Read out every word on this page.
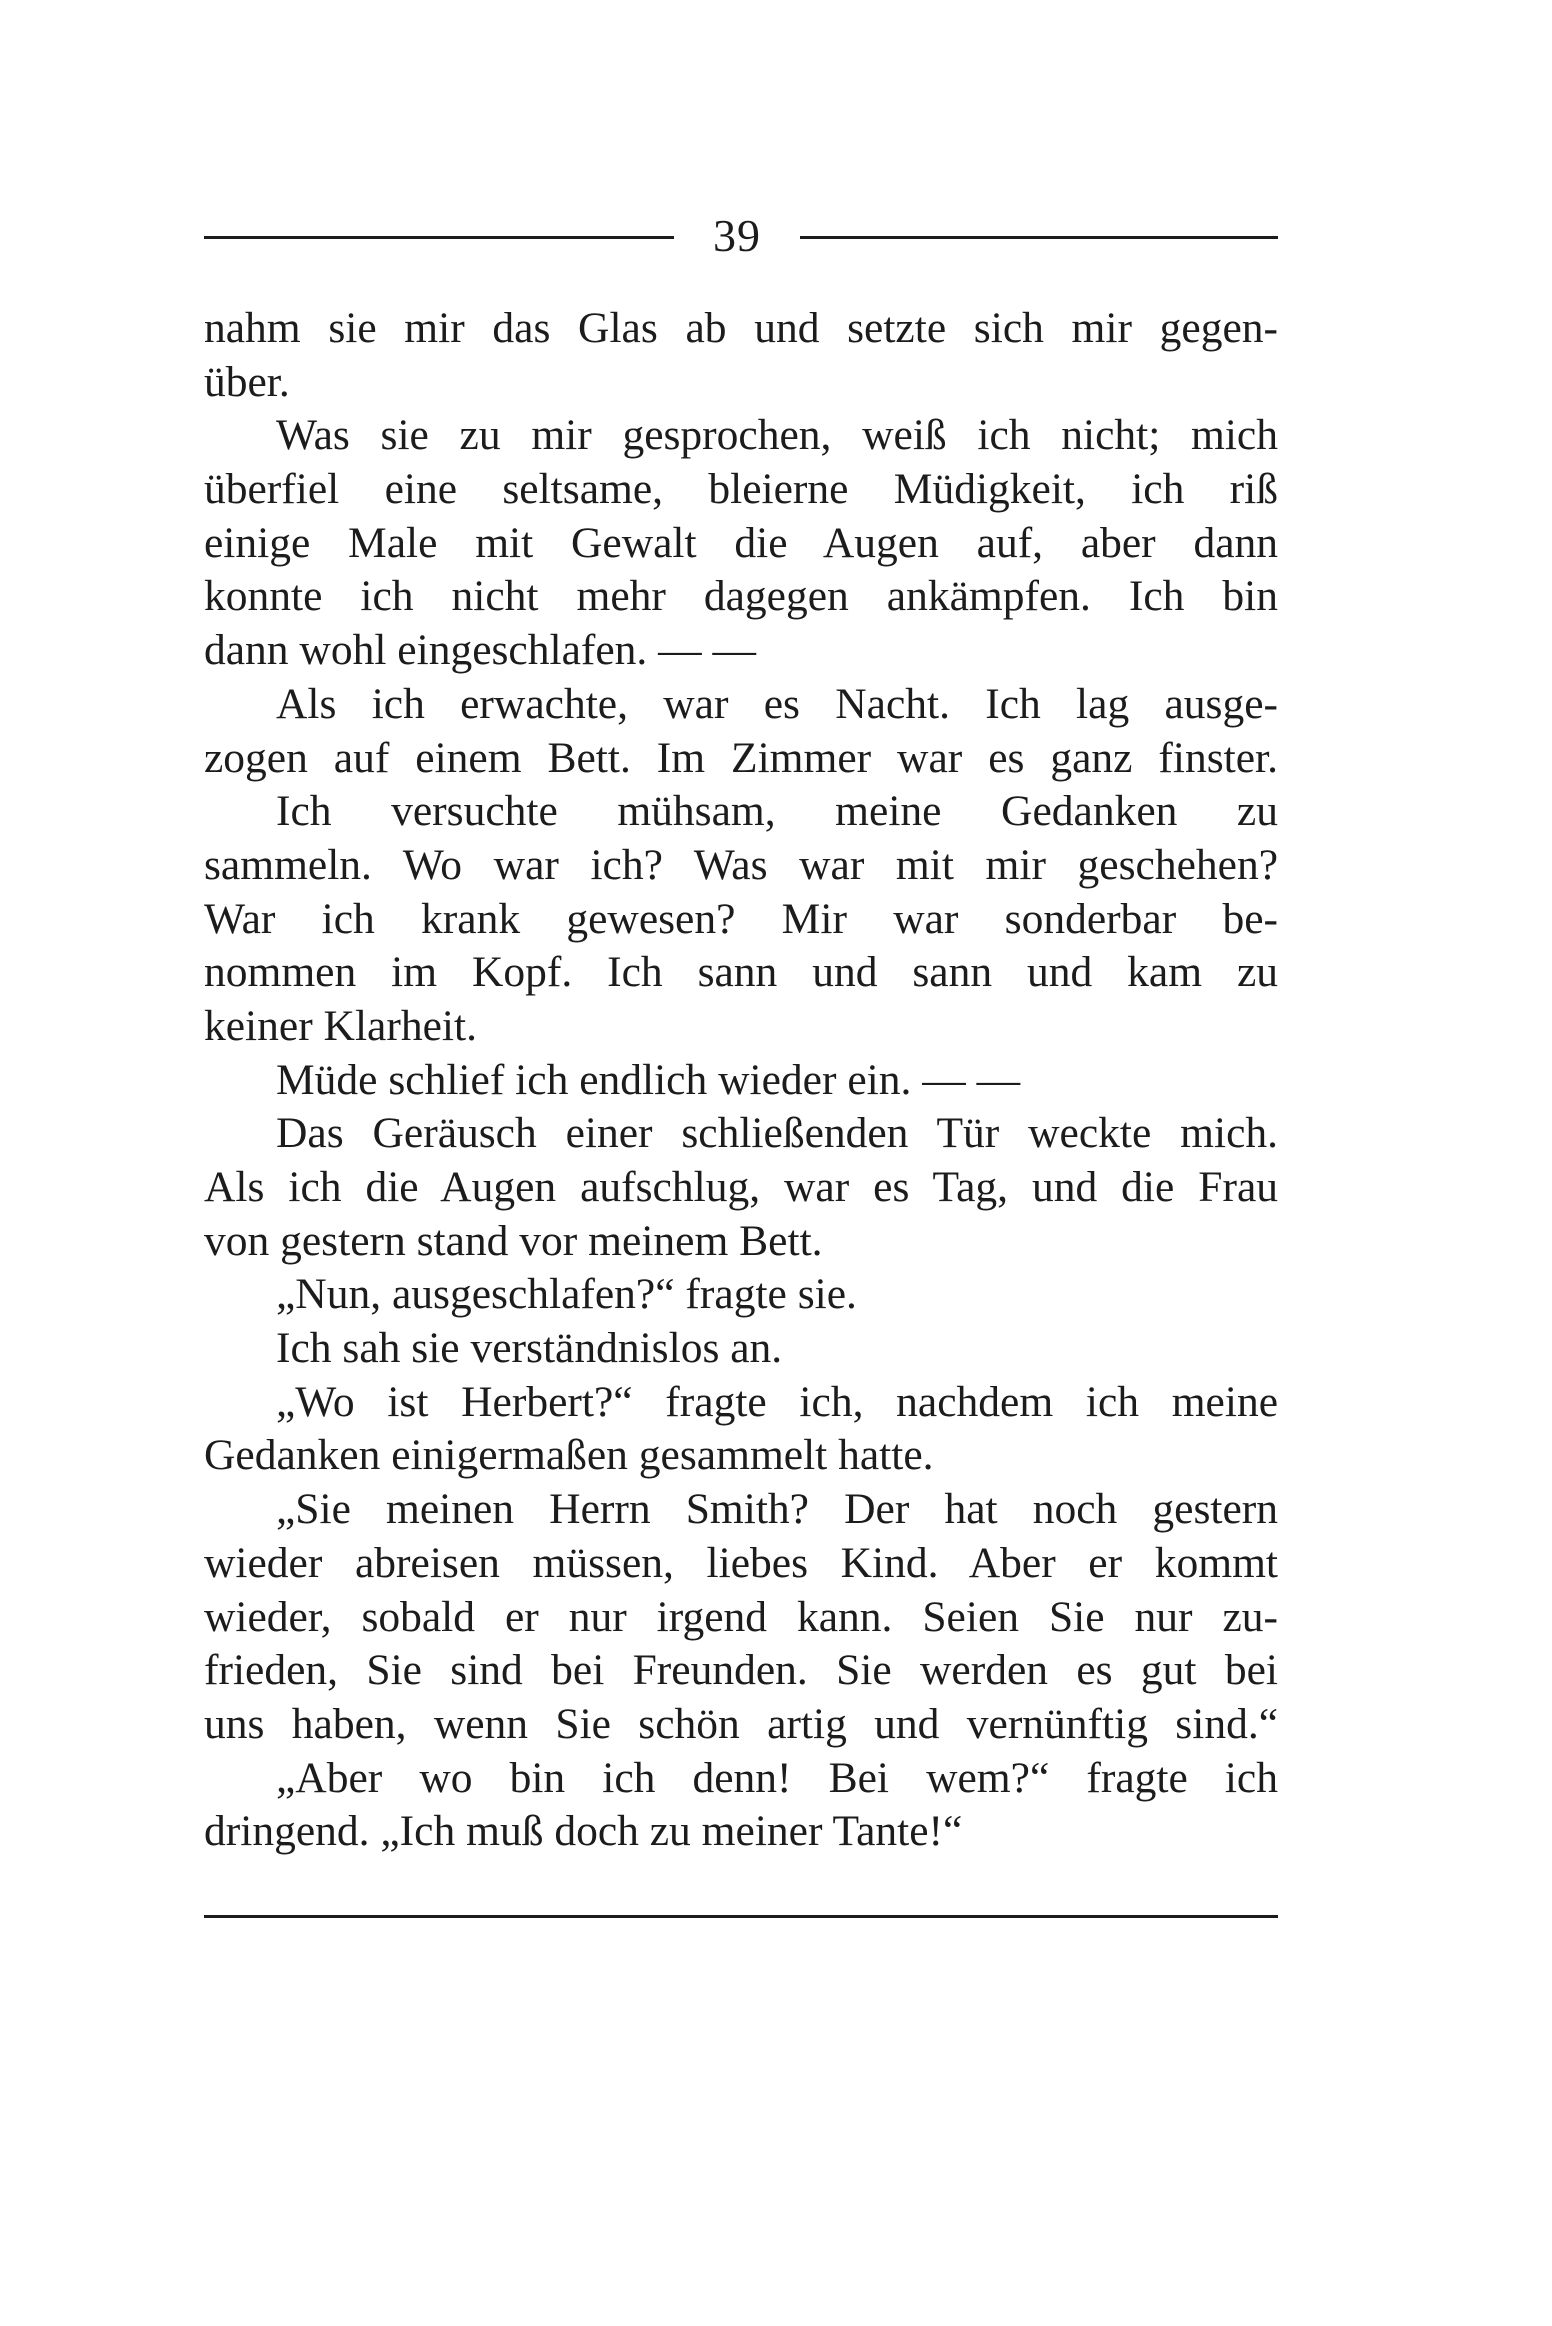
39
nahm sie mir das Glas ab und setzte sich mir gegen-
über.
Was sie zu mir gesprochen, weiß ich nicht; mich
überfiel eine seltsame, bleierne Müdigkeit, ich riß
einige Male mit Gewalt die Augen auf, aber dann
konnte ich nicht mehr dagegen ankämpfen. Ich bin
dann wohl eingeschlafen. — —
Als ich erwachte, war es Nacht. Ich lag ausge-
zogen auf einem Bett. Im Zimmer war es ganz finster.
Ich versuchte mühsam, meine Gedanken zu
sammeln. Wo war ich? Was war mit mir geschehen?
War ich krank gewesen? Mir war sonderbar be-
nommen im Kopf. Ich sann und sann und kam zu
keiner Klarheit.
Müde schlief ich endlich wieder ein. — —
Das Geräusch einer schließenden Tür weckte mich.
Als ich die Augen aufschlug, war es Tag, und die Frau
von gestern stand vor meinem Bett.
„Nun, ausgeschlafen?“ fragte sie.
Ich sah sie verständnislos an.
„Wo ist Herbert?“ fragte ich, nachdem ich meine
Gedanken einigermaßen gesammelt hatte.
„Sie meinen Herrn Smith? Der hat noch gestern
wieder abreisen müssen, liebes Kind. Aber er kommt
wieder, sobald er nur irgend kann. Seien Sie nur zu-
frieden, Sie sind bei Freunden. Sie werden es gut bei
uns haben, wenn Sie schön artig und vernünftig sind.“
„Aber wo bin ich denn! Bei wem?“ fragte ich
dringend. „Ich muß doch zu meiner Tante!“
